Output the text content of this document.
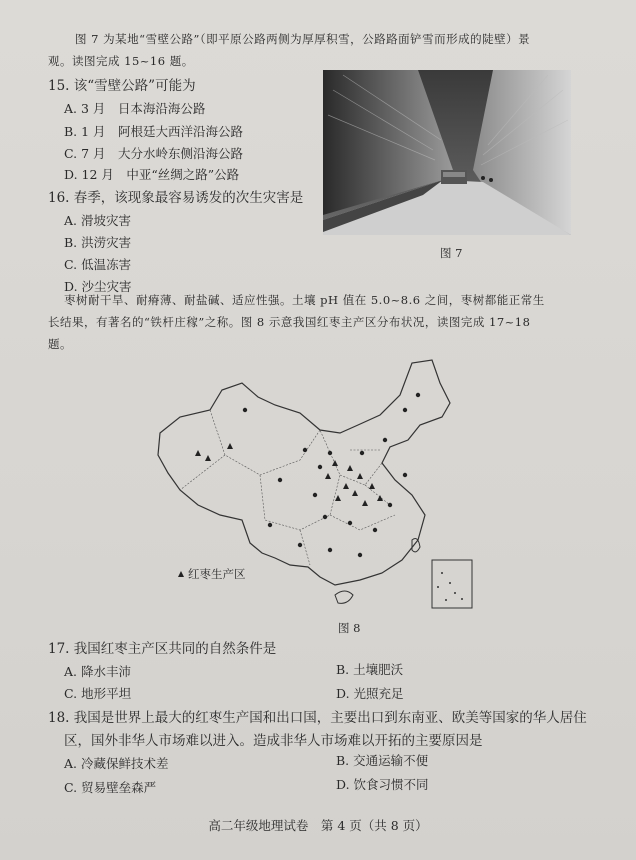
图 7 为某地“雪壁公路”（即平原公路两侧为厚厚积雪，公路路面铲雪而形成的陡壁）景
观。读图完成 15~16 题。
15. 该“雪壁公路”可能为
A. 3 月　日本海沿海公路
B. 1 月　阿根廷大西洋沿海公路
C. 7 月　大分水岭东侧沿海公路
D. 12 月　中亚“丝绸之路”公路
16. 春季，该现象最容易诱发的次生灾害是
A. 滑坡灾害
B. 洪涝灾害
C. 低温冻害
D. 沙尘灾害
图 7
枣树耐干旱、耐瘠薄、耐盐碱、适应性强。土壤 pH 值在 5.0~8.6 之间，枣树都能正常生
长结果，有著名的“铁杆庄稼”之称。图 8 示意我国红枣主产区分布状况，读图完成 17~18
题。
红枣生产区
图 8
17. 我国红枣主产区共同的自然条件是
A. 降水丰沛	B. 土壤肥沃
C. 地形平坦	D. 光照充足
18. 我国是世界上最大的红枣生产国和出口国，主要出口到东南亚、欧美等国家的华人居住
区，国外非华人市场难以进入。造成非华人市场难以开拓的主要原因是
A. 冷藏保鲜技术差	B. 交通运输不便
C. 贸易壁垒森严	D. 饮食习惯不同
高二年级地理试卷　第 4 页（共 8 页）
